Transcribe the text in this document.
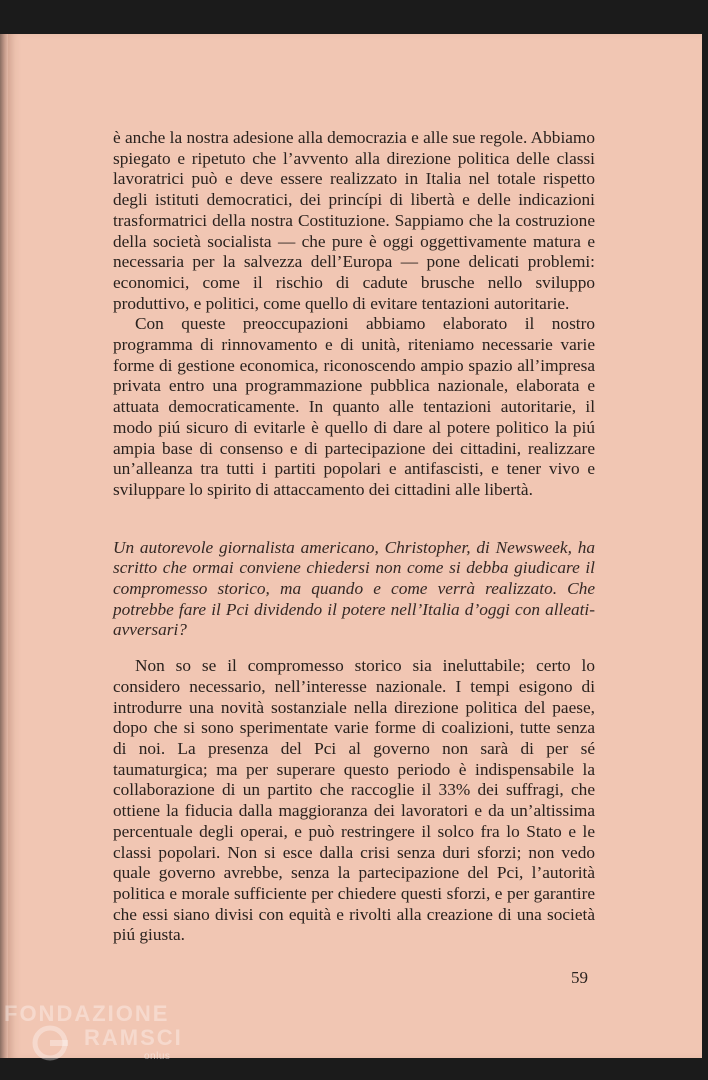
è anche la nostra adesione alla democrazia e alle sue regole. Abbiamo spiegato e ripetuto che l’avvento alla direzione politica delle classi lavoratrici può e deve essere realizzato in Italia nel totale rispetto degli istituti democratici, dei princípi di libertà e delle indicazioni trasformatrici della nostra Costituzione. Sappiamo che la costruzione della società socialista — che pure è oggi oggettivamente matura e necessaria per la salvezza dell’Europa — pone delicati problemi: economici, come il rischio di cadute brusche nello sviluppo produttivo, e politici, come quello di evitare tentazioni autoritarie.

Con queste preoccupazioni abbiamo elaborato il nostro programma di rinnovamento e di unità, riteniamo necessarie varie forme di gestione economica, riconoscendo ampio spazio all’impresa privata entro una programmazione pubblica nazionale, elaborata e attuata democraticamente. In quanto alle tentazioni autoritarie, il modo piú sicuro di evitarle è quello di dare al potere politico la piú ampia base di consenso e di partecipazione dei cittadini, realizzare un’alleanza tra tutti i partiti popolari e antifascisti, e tener vivo e sviluppare lo spirito di attaccamento dei cittadini alle libertà.

Un autorevole giornalista americano, Christopher, di Newsweek, ha scritto che ormai conviene chiedersi non come si debba giudicare il compromesso storico, ma quando e come verrà realizzato. Che potrebbe fare il Pci dividendo il potere nell’Italia d’oggi con alleati-avversari?

Non so se il compromesso storico sia ineluttabile; certo lo considero necessario, nell’interesse nazionale. I tempi esigono di introdurre una novità sostanziale nella direzione politica del paese, dopo che si sono sperimentate varie forme di coalizioni, tutte senza di noi. La presenza del Pci al governo non sarà di per sé taumaturgica; ma per superare questo periodo è indispensabile la collaborazione di un partito che raccoglie il 33% dei suffragi, che ottiene la fiducia dalla maggioranza dei lavoratori e da un’altissima percentuale degli operai, e può restringere il solco fra lo Stato e le classi popolari. Non si esce dalla crisi senza duri sforzi; non vedo quale governo avrebbe, senza la partecipazione del Pci, l’autorità politica e morale sufficiente per chiedere questi sforzi, e per garantire che essi siano divisi con equità e rivolti alla creazione di una società piú giusta.

59
FONDAZIONE
RAMSCI
onlus
